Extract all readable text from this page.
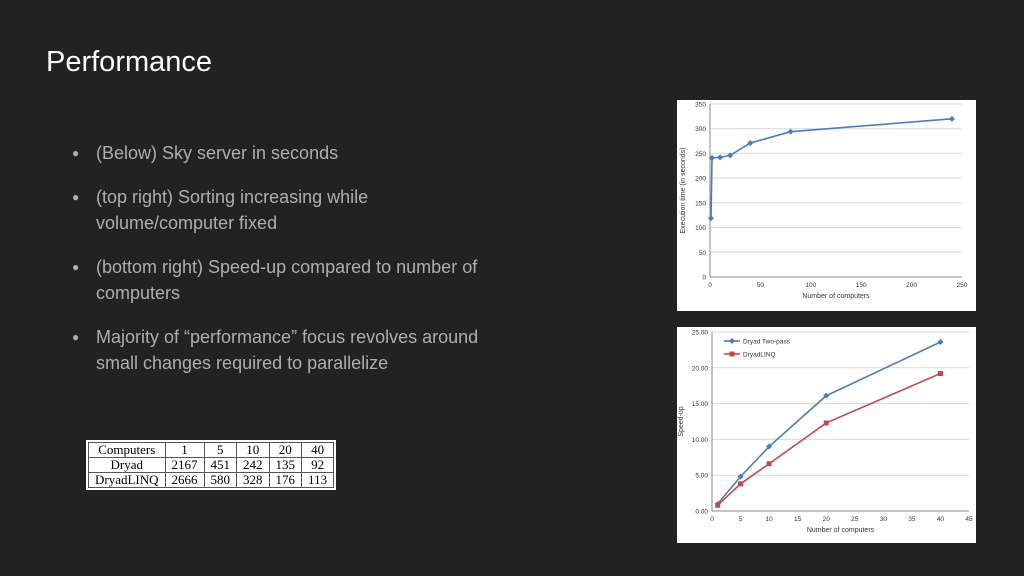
Performance
● (Below) Sky server in seconds
● (top right) Sorting increasing while volume/computer fixed
● (bottom right) Speed-up compared to number of computers
● Majority of “performance” focus revolves around small changes required to parallelize
Computers	1	5	10	20	40
Dryad	2167	451	242	135	92
DryadLINQ	2666	580	328	176	113
0
50
100
150
200
250
300
350
0	50	100	150	200	250
Number of computers
Execution time (in seconds)
0.00
5.00
10.00
15.00
20.00
25.00
0	5	10	15	20	25	30	35	40	45
Number of computers
Speed-up
Dryad Two-pass
DryadLINQ
